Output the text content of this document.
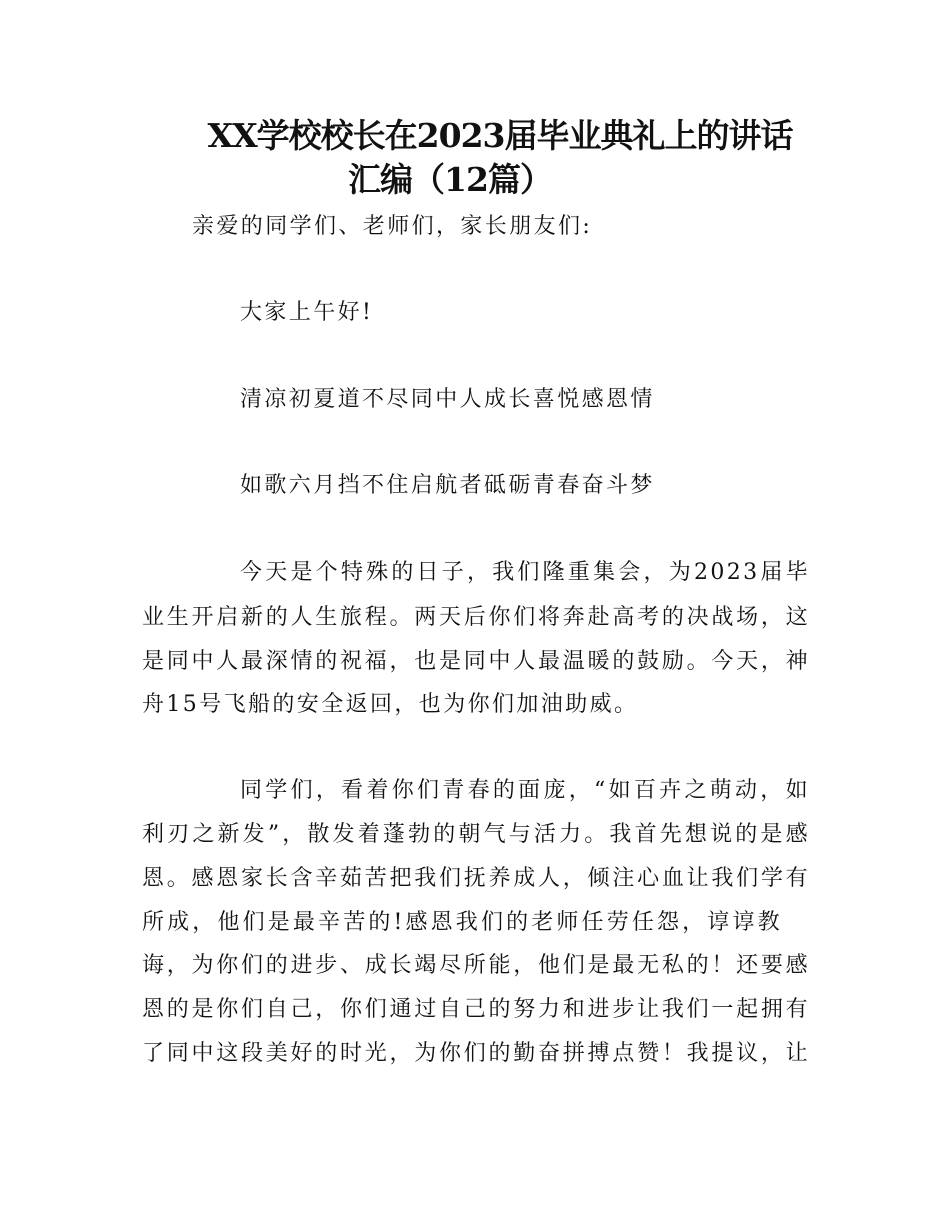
XX学校校长在2023届毕业典礼上的讲话
汇编（12篇）

亲爱的同学们、老师们，家长朋友们:

大家上午好!

清凉初夏道不尽同中人成长喜悦感恩情

如歌六月挡不住启航者砥砺青春奋斗梦

今天是个特殊的日子，我们隆重集会，为2023届毕

业生开启新的人生旅程。两天后你们将奔赴高考的决战场，这

是同中人最深情的祝福，也是同中人最温暖的鼓励。今天，神

舟15号飞船的安全返回，也为你们加油助威。

同学们，看着你们青春的面庞，“如百卉之萌动，如

利刃之新发”，散发着蓬勃的朝气与活力。我首先想说的是感

恩。感恩家长含辛茹苦把我们抚养成人，倾注心血让我们学有

所成，他们是最辛苦的!感恩我们的老师任劳任怨，谆谆教

诲，为你们的进步、成长竭尽所能，他们是最无私的！还要感

恩的是你们自己，你们通过自己的努力和进步让我们一起拥有

了同中这段美好的时光，为你们的勤奋拼搏点赞！我提议，让
